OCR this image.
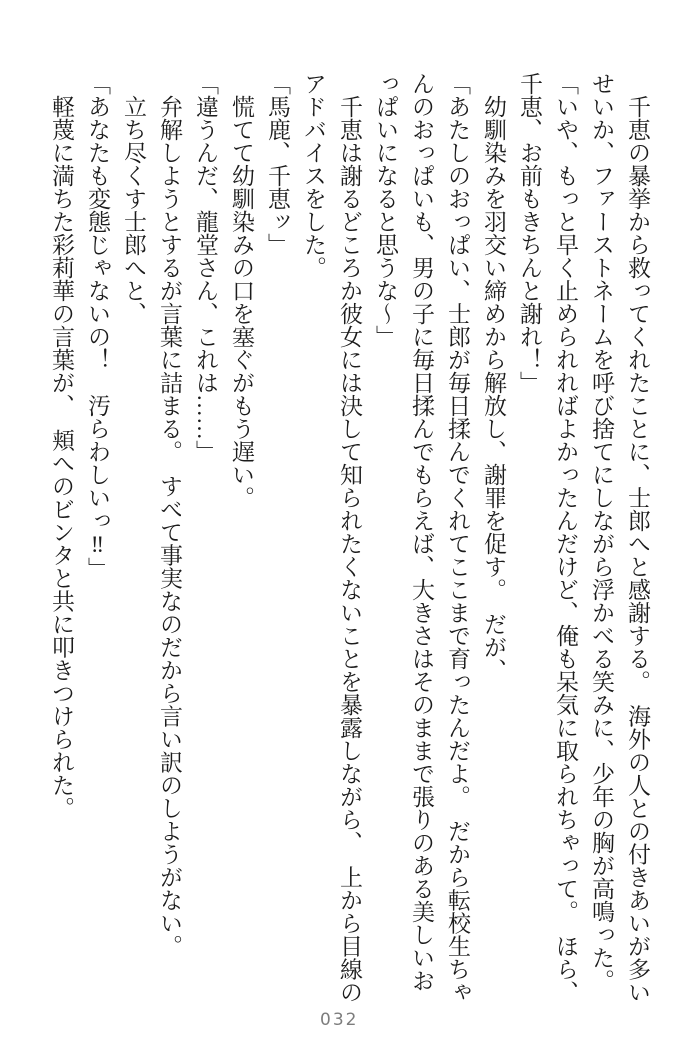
　千恵の暴挙から救ってくれたことに、士郎へと感謝する。　海外の人との付きあいが多い

せいか、ファーストネームを呼び捨てにしながら浮かべる笑みに、少年の胸が高鳴った。

「いや、もっと早く止められればよかったんだけど、俺も呆気に取られちゃって。　ほら、

千恵、お前もきちんと謝れ！」

　幼馴染みを羽交い締めから解放し、謝罪を促す。　だが、

「あたしのおっぱい、士郎が毎日揉んでくれてここまで育ったんだよ。　だから転校生ちゃ

んのおっぱいも、男の子に毎日揉んでもらえば、大きさはそのままで張りのある美しいお

っぱいになると思うな〜」

　千恵は謝るどころか彼女には決して知られたくないことを暴露しながら、　上から目線の

アドバイスをした。

「馬鹿、千恵ッ」

　慌てて幼馴染みの口を塞ぐがもう遅い。

「違うんだ、龍堂さん、これは……」

　弁解しようとするが言葉に詰まる。　すべて事実なのだから言い訳のしようがない。

　立ち尽くす士郎へと、

「あなたも変態じゃないの！　汚らわしいっ‼」

　軽蔑に満ちた彩莉華の言葉が、　頬へのビンタと共に叩きつけられた。

032
